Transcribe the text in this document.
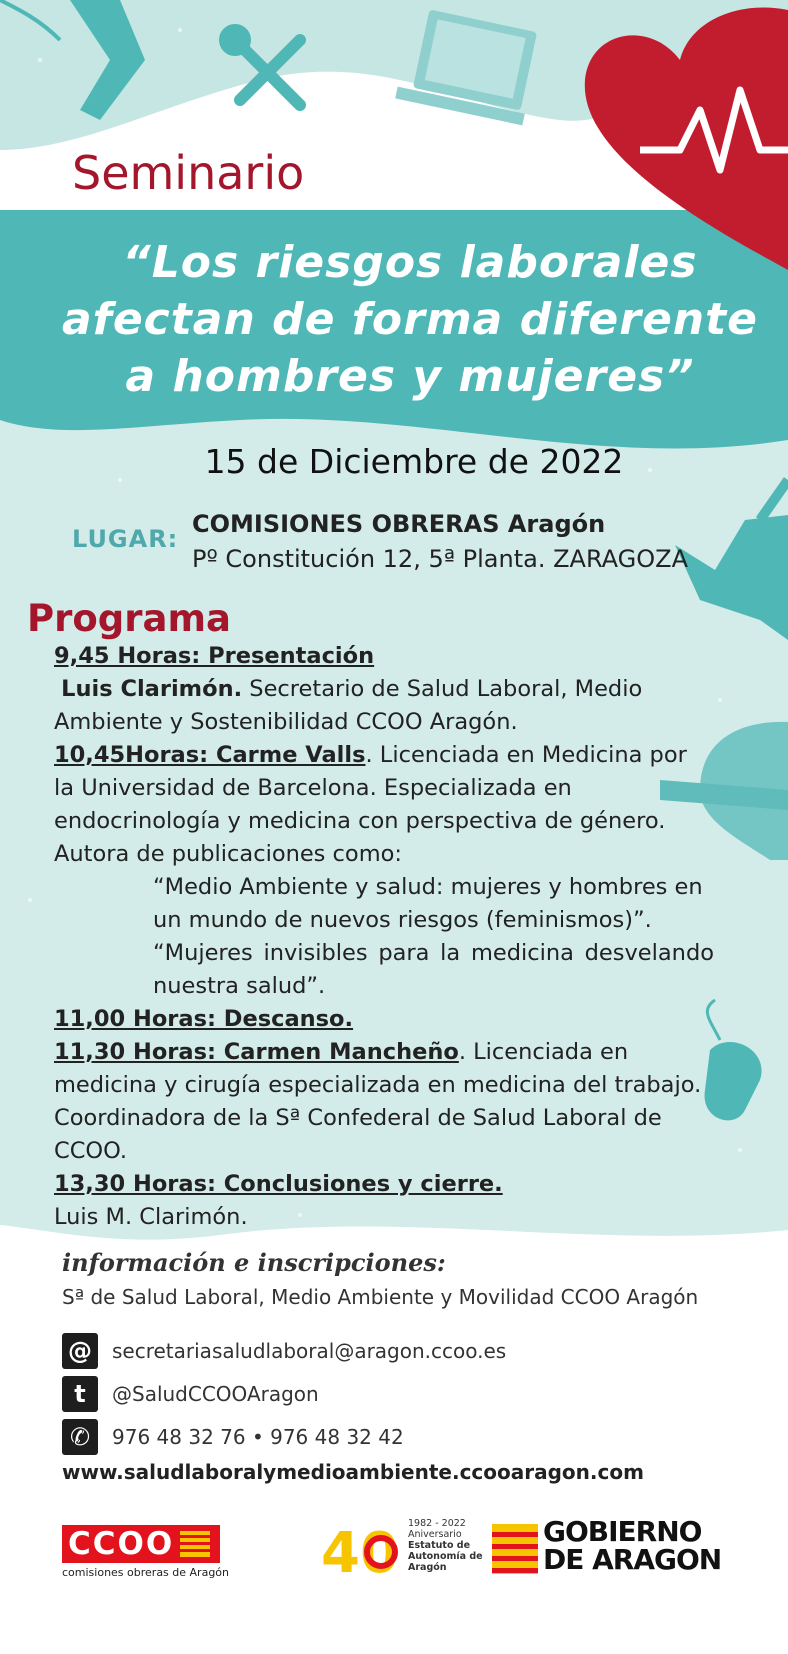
Seminario
“Los riesgos laborales
afectan de forma diferente
a hombres y mujeres”
15 de Diciembre de 2022
LUGAR:
COMISIONES OBRERAS Aragón
Pº Constitución 12, 5ª Planta. ZARAGOZA
Programa

9,45 Horas: Presentación

Luis Clarimón. Secretario de Salud Laboral, Medio Ambiente y Sostenibilidad CCOO Aragón.

10,45Horas: Carme Valls. Licenciada en Medicina por la Universidad de Barcelona. Especializada en endocrinología y medicina con perspectiva de género. Autora de publicaciones como:

“Medio Ambiente y salud: mujeres y hombres en un mundo de nuevos riesgos (feminismos)”.

“Mujeres invisibles para la medicina desvelando nuestra salud”.

11,00 Horas: Descanso.

11,30 Horas: Carmen Mancheño. Licenciada en medicina y cirugía especializada en medicina del trabajo. Coordinadora de la Sª Confederal de Salud Laboral de CCOO.

13,30 Horas: Conclusiones y cierre.

Luis M. Clarimón.

información e inscripciones:
Sª de Salud Laboral, Medio Ambiente y Movilidad CCOO Aragón
@	secretariasaludlaboral@aragon.ccoo.es
t	@SaludCCOOAragon
✆	976 48 32 76 • 976 48 32 42
www.saludlaboralymedioambiente.ccooaragon.com
CCOO
comisiones obreras de Aragón 40 1982 - 2022
Aniversario
Estatuto de
Autonomía de
Aragón
GOBIERNO
DE ARAGON
